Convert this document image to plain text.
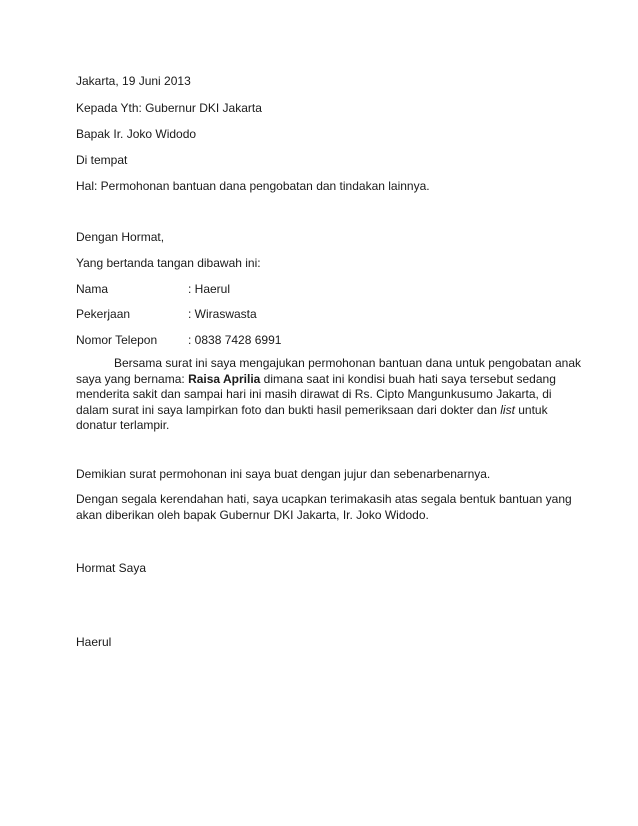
Jakarta, 19 Juni 2013
Kepada Yth: Gubernur DKI Jakarta
Bapak Ir. Joko Widodo
Di tempat
Hal: Permohonan bantuan dana pengobatan dan tindakan lainnya.
Dengan Hormat,
Yang bertanda tangan dibawah ini:
Nama	: Haerul
Pekerjaan	: Wiraswasta
Nomor Telepon	: 0838 7428 6991
Bersama surat ini saya mengajukan permohonan bantuan dana untuk pengobatan anak
saya yang bernama: Raisa Aprilia dimana saat ini kondisi buah hati saya tersebut sedang
menderita sakit dan sampai hari ini masih dirawat di Rs. Cipto Mangunkusumo Jakarta, di
dalam surat ini saya lampirkan foto dan bukti hasil pemeriksaan dari dokter dan list untuk
donatur terlampir.
Demikian surat permohonan ini saya buat dengan jujur dan sebenarbenarnya.
Dengan segala kerendahan hati, saya ucapkan terimakasih atas segala bentuk bantuan yang
akan diberikan oleh bapak Gubernur DKI Jakarta, Ir. Joko Widodo.
Hormat Saya
Haerul
